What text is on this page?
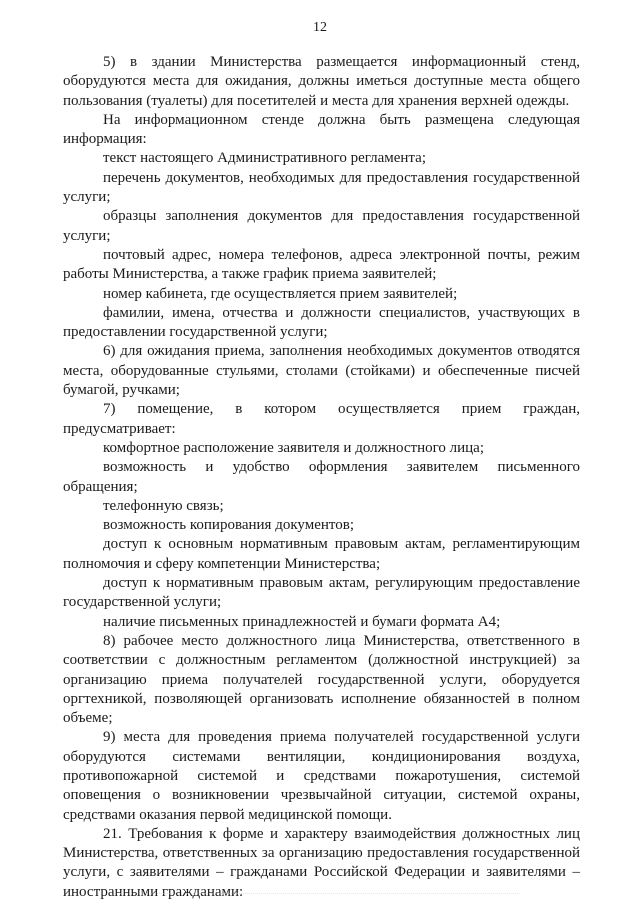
12

5) в здании Министерства размещается информационный стенд, оборудуются места для ожидания, должны иметься доступные места общего пользования (туалеты) для посетителей и места для хранения верхней одежды.

На информационном стенде должна быть размещена следующая информация:

текст настоящего Административного регламента;

перечень документов, необходимых для предоставления государственной услуги;

образцы заполнения документов для предоставления государственной услуги;

почтовый адрес, номера телефонов, адреса электронной почты, режим работы Министерства, а также график приема заявителей;

номер кабинета, где осуществляется прием заявителей;

фамилии, имена, отчества и должности специалистов, участвующих в предоставлении государственной услуги;

6) для ожидания приема, заполнения необходимых документов отводятся места, оборудованные стульями, столами (стойками) и обеспеченные писчей бумагой, ручками;

7) помещение, в котором осуществляется прием граждан, предусматривает:

комфортное расположение заявителя и должностного лица;

возможность и удобство оформления заявителем письменного обращения;

телефонную связь;

возможность копирования документов;

доступ к основным нормативным правовым актам, регламентирующим полномочия и сферу компетенции Министерства;

доступ к нормативным правовым актам, регулирующим предоставление государственной услуги;

наличие письменных принадлежностей и бумаги формата А4;

8) рабочее место должностного лица Министерства, ответственного в соответствии с должностным регламентом (должностной инструкцией) за организацию приема получателей государственной услуги, оборудуется оргтехникой, позволяющей организовать исполнение обязанностей в полном объеме;

9) места для проведения приема получателей государственной услуги оборудуются системами вентиляции, кондиционирования воздуха, противопожарной системой и средствами пожаротушения, системой оповещения о возникновении чрезвычайной ситуации, системой охраны, средствами оказания первой медицинской помощи.

21. Требования к форме и характеру взаимодействия должностных лиц Министерства, ответственных за организацию предоставления государственной услуги, с заявителями – гражданами Российской Федерации и заявителями – иностранными гражданами:
